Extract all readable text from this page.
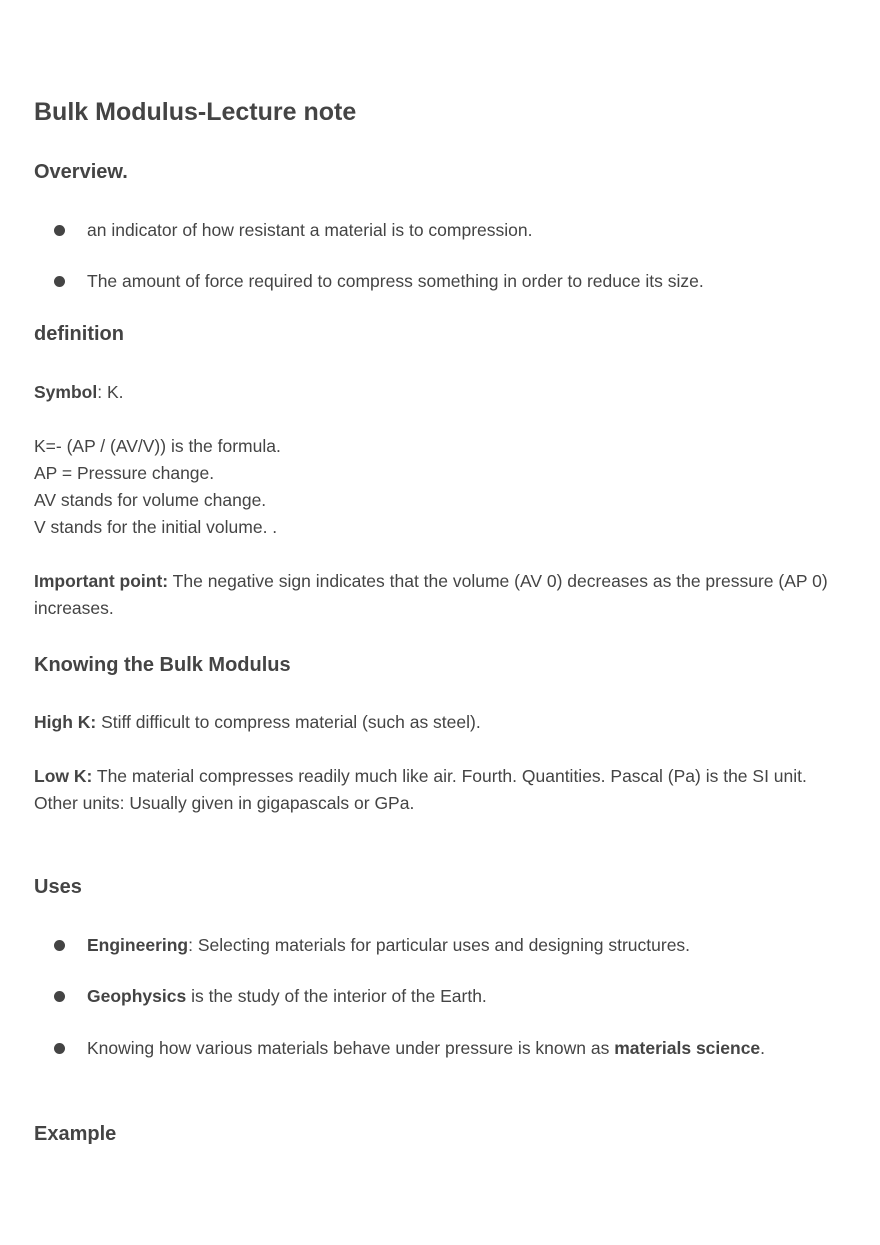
Bulk Modulus-Lecture note
Overview.
an indicator of how resistant a material is to compression.
The amount of force required to compress something in order to reduce its size.
definition

Symbol: K.

K=- (AP / (AV/V)) is the formula.
AP = Pressure change.
AV stands for volume change.
V stands for the initial volume. .

Important point: The negative sign indicates that the volume (AV 0) decreases as the pressure (AP 0) increases.

Knowing the Bulk Modulus

High K: Stiff difficult to compress material (such as steel).

Low K: The material compresses readily much like air. Fourth. Quantities. Pascal (Pa) is the SI unit. Other units: Usually given in gigapascals or GPa.

Uses
Engineering: Selecting materials for particular uses and designing structures.
Geophysics is the study of the interior of the Earth.
Knowing how various materials behave under pressure is known as materials science.
Example
